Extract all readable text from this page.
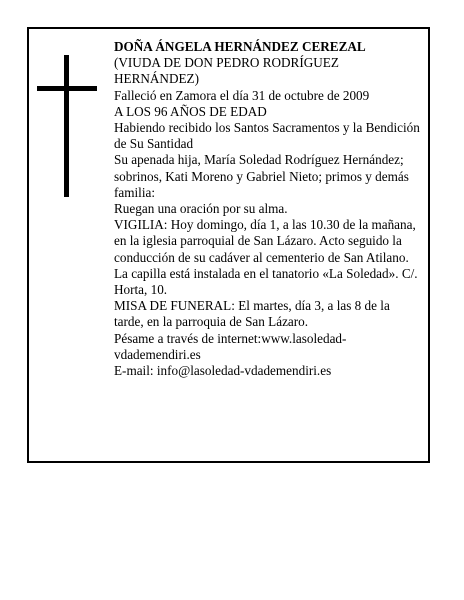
DOÑA ÁNGELA HERNÁNDEZ CEREZAL

(VIUDA DE DON PEDRO RODRÍGUEZ HERNÁNDEZ)

Falleció en Zamora el día 31 de octubre de 2009

A LOS 96 AÑOS DE EDAD

Habiendo recibido los Santos Sacramentos y la Bendición de Su Santidad

Su apenada hija, María Soledad Rodríguez Hernández; sobrinos, Kati Moreno y Gabriel Nieto; primos y demás familia:

Ruegan una oración por su alma.

VIGILIA: Hoy domingo, día 1, a las 10.30 de la mañana, en la iglesia parroquial de San Lázaro. Acto seguido la conducción de su cadáver al cementerio de San Atilano.

La capilla está instalada en el tanatorio «La Soledad». C/. Horta, 10.

MISA DE FUNERAL: El martes, día 3, a las 8 de la tarde, en la parroquia de San Lázaro.

Pésame a través de internet:www.lasoledad-vdademendiri.es

E-mail: info@lasoledad-vdademendiri.es
